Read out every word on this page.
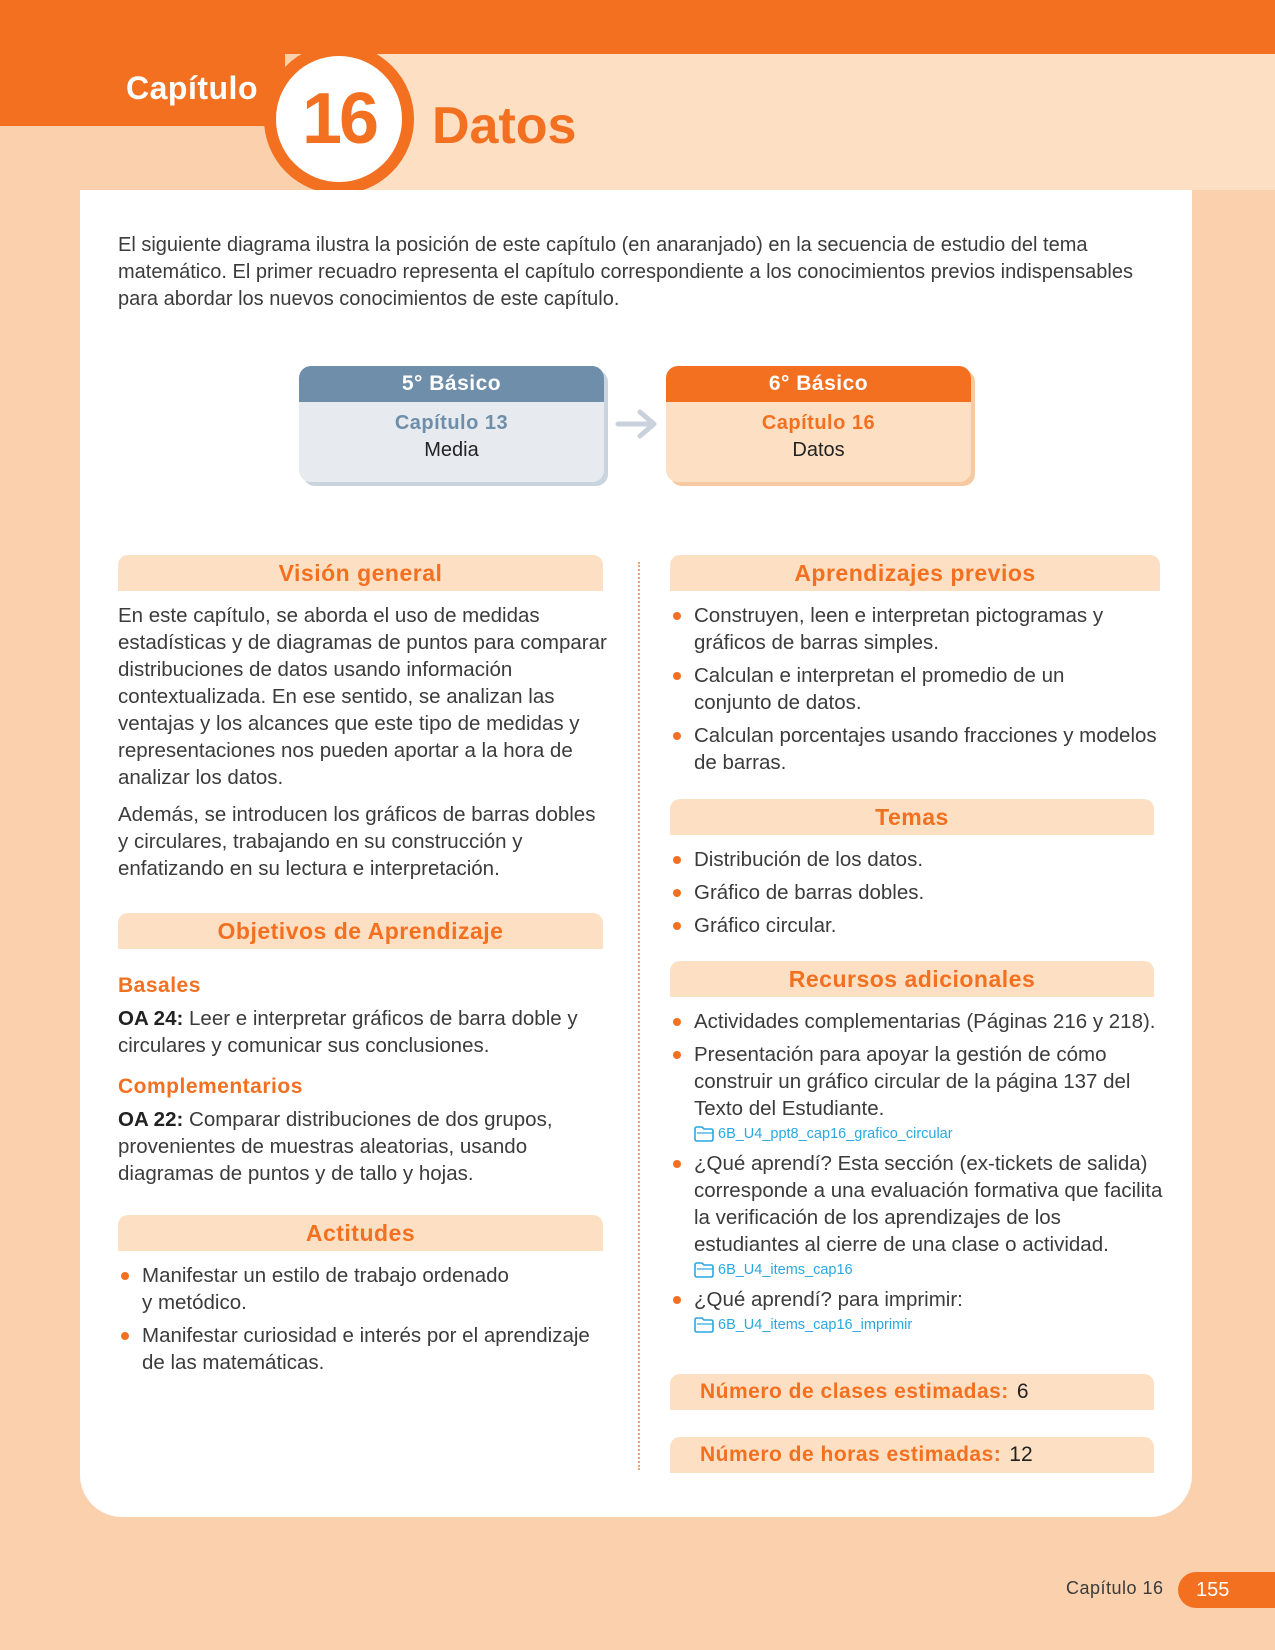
Capítulo 16 Datos
El siguiente diagrama ilustra la posición de este capítulo (en anaranjado) en la secuencia de estudio del tema matemático. El primer recuadro representa el capítulo correspondiente a los conocimientos previos indispensables para abordar los nuevos conocimientos de este capítulo.
5° Básico
Capítulo 13
Media
6° Básico
Capítulo 16
Datos
Visión general

En este capítulo, se aborda el uso de medidas estadísticas y de diagramas de puntos para comparar distribuciones de datos usando información contextualizada. En ese sentido, se analizan las ventajas y los alcances que este tipo de medidas y representaciones nos pueden aportar a la hora de analizar los datos.

Además, se introducen los gráficos de barras dobles y circulares, trabajando en su construcción y enfatizando en su lectura e interpretación.

Objetivos de Aprendizaje
Basales
OA 24: Leer e interpretar gráficos de barra doble y circulares y comunicar sus conclusiones.
Complementarios
OA 22: Comparar distribuciones de dos grupos, provenientes de muestras aleatorias, usando diagramas de puntos y de tallo y hojas.
Actitudes
Manifestar un estilo de trabajo ordenado y metódico.
Manifestar curiosidad e interés por el aprendizaje de las matemáticas.
Aprendizajes previos
Construyen, leen e interpretan pictogramas y gráficos de barras simples.
Calculan e interpretan el promedio de un conjunto de datos.
Calculan porcentajes usando fracciones y modelos de barras.
Temas
Distribución de los datos.
Gráfico de barras dobles.
Gráfico circular.
Recursos adicionales
Actividades complementarias (Páginas 216 y 218).
Presentación para apoyar la gestión de cómo construir un gráfico circular de la página 137 del Texto del Estudiante.
6B_U4_ppt8_cap16_grafico_circular
¿Qué aprendí? Esta sección (ex-tickets de salida) corresponde a una evaluación formativa que facilita la verificación de los aprendizajes de los estudiantes al cierre de una clase o actividad.
6B_U4_items_cap16
¿Qué aprendí? para imprimir:
6B_U4_items_cap16_imprimir
Número de clases estimadas: 6
Número de horas estimadas: 12
Capítulo 16 155
